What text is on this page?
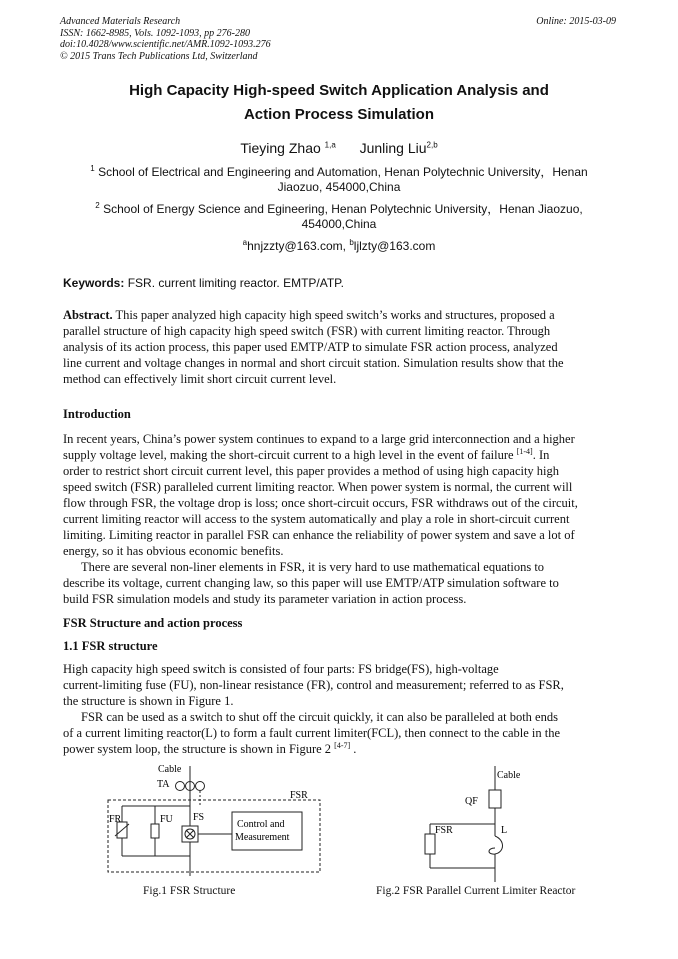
Advanced Materials Research
ISSN: 1662-8985, Vols. 1092-1093, pp 276-280
doi:10.4028/www.scientific.net/AMR.1092-1093.276
© 2015 Trans Tech Publications Ltd, Switzerland
Online: 2015-03-09
High Capacity High-speed Switch Application Analysis and
Action Process Simulation
Tieying Zhao $^{1,a}$ Junling Liu$^{2,b}$
$^1$ School of Electrical and Engineering and Automation, Henan Polytechnic University，Henan
Jiaozuo, 454000,China
$^2$ School of Energy Science and Egineering, Henan Polytechnic University，Henan Jiaozuo,
454000,China
$^a$hnjzzty@163.com, $^b$ljlzty@163.com
Keywords: FSR. current limiting reactor. EMTP/ATP.
Abstract. This paper analyzed high capacity high speed switch’s works and structures, proposed a
parallel structure of high capacity high speed switch (FSR) with current limiting reactor. Through
analysis of its action process, this paper used EMTP/ATP to simulate FSR action process, analyzed
line current and voltage changes in normal and short circuit station. Simulation results show that the
method can effectively limit short circuit current level.
Introduction
In recent years, China’s power system continues to expand to a large grid interconnection and a higher
supply voltage level, making the short-circuit current to a high level in the event of failure [1-4]. In
order to restrict short circuit current level, this paper provides a method of using high capacity high
speed switch (FSR) paralleled current limiting reactor. When power system is normal, the current will
flow through FSR, the voltage drop is loss; once short-circuit occurs, FSR withdraws out of the circuit,
current limiting reactor will access to the system automatically and play a role in short-circuit current
limiting. Limiting reactor in parallel FSR can enhance the reliability of power system and save a lot of
energy, so it has obvious economic benefits.
There are several non-liner elements in FSR, it is very hard to use mathematical equations to
describe its voltage, current changing law, so this paper will use EMTP/ATP simulation software to
build FSR simulation models and study its parameter variation in action process.
FSR Structure and action process
1.1 FSR structure
High capacity high speed switch is consisted of four parts: FS bridge(FS), high-voltage
current-limiting fuse (FU), non-linear resistance (FR), control and measurement; referred to as FSR,
the structure is shown in Figure 1.
FSR can be used as a switch to shut off the circuit quickly, it can also be paralleled at both ends
of a current limiting reactor(L) to form a fault current limiter(FCL), then connect to the cable in the
power system loop, the structure is shown in Figure 2 [4-7] .
Cable
TA
FSR
FR	FU FS
Control and
Measurement
Fig.1 FSR Structure
Cable
QF
FSR	L
Fig.2 FSR Parallel Current Limiter Reactor
